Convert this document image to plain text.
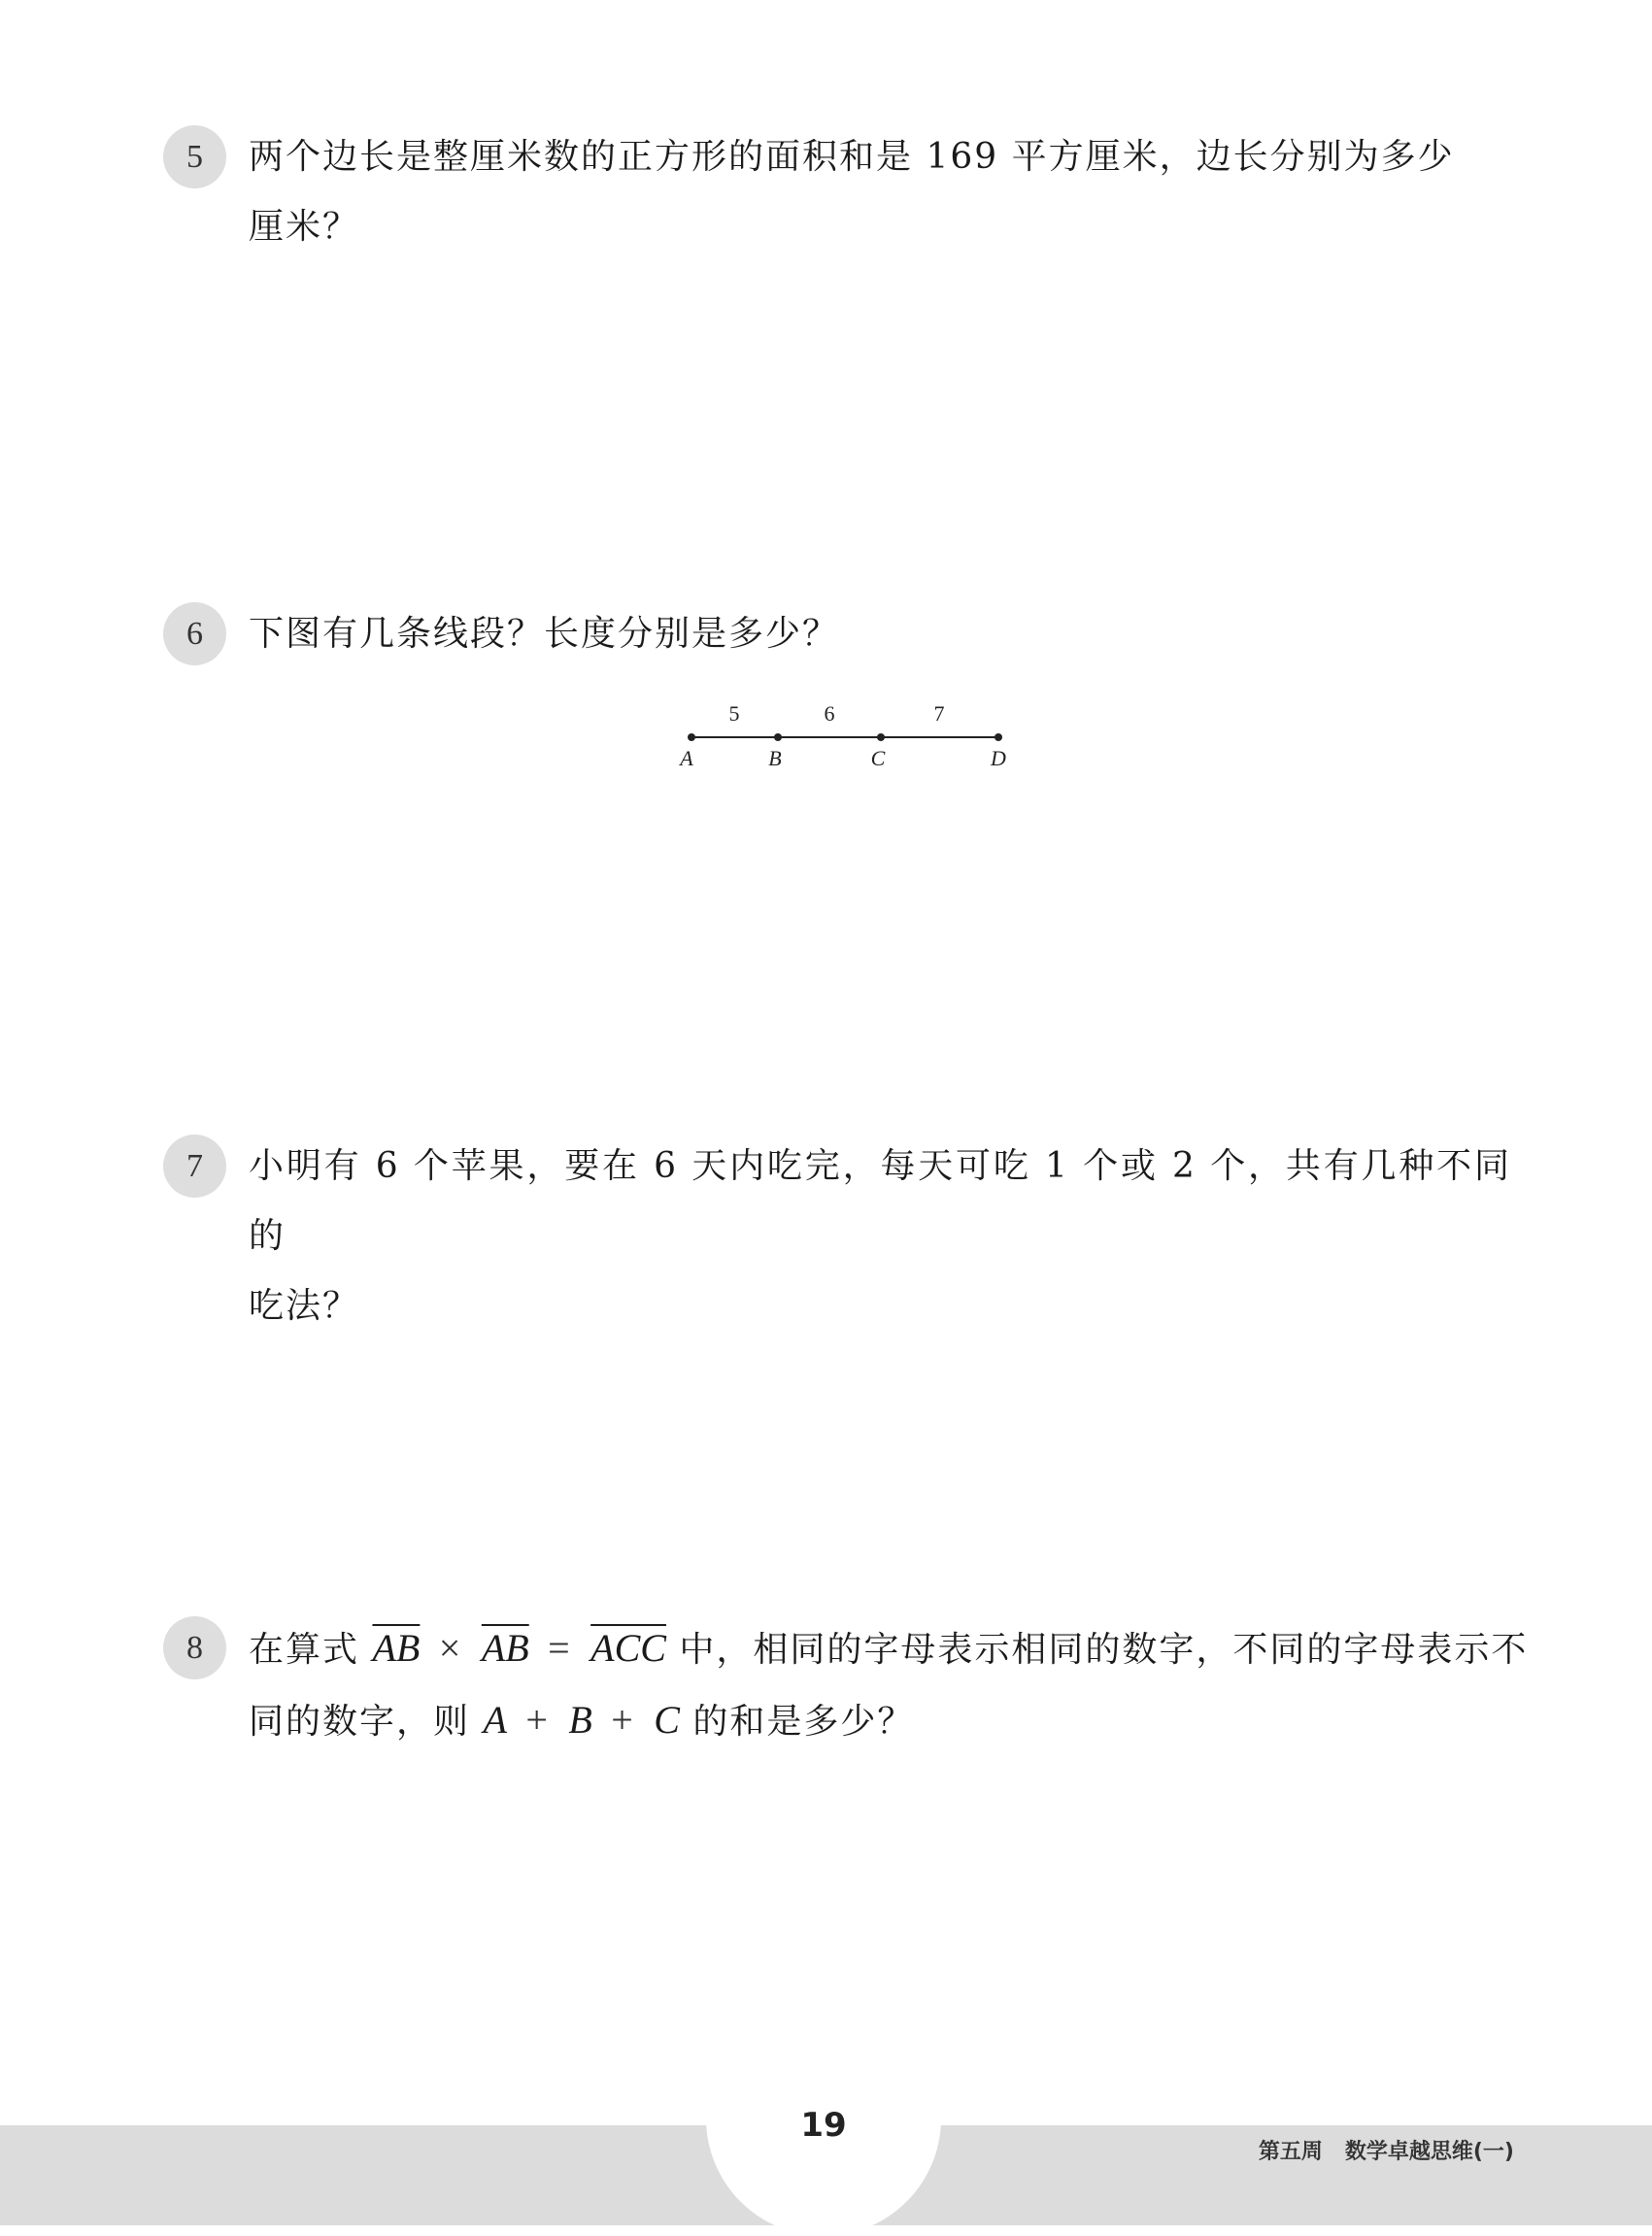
5	两个边长是整厘米数的正方形的面积和是 169 平方厘米，边长分别为多少
厘米？
6	下图有几条线段？长度分别是多少？
5	6	7
A	B	C	D
7	小明有 6 个苹果，要在 6 天内吃完，每天可吃 1 个或 2 个，共有几种不同的
吃法？
8	在算式 $\overline{AB} \times \overline{AB} = \overline{ACC}$ 中，相同的字母表示相同的数字，不同的字母表示不
同的数字，则 A + B + C 的和是多少？
19
第五周 数学卓越思维(一)
